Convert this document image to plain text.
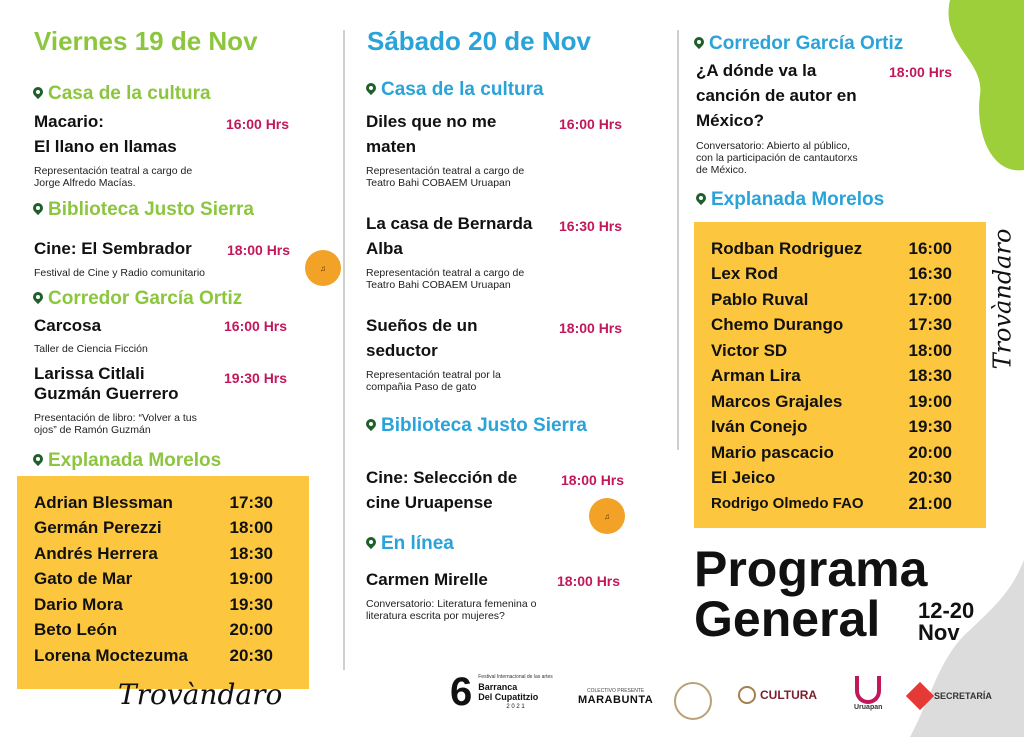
Viernes 19 de Nov
Casa de la cultura
Macario:
El llano en llamas
16:00 Hrs
Representación teatral a cargo de
Jorge Alfredo Macías.
Biblioteca Justo Sierra
Cine: El Sembrador	18:00 Hrs
Festival de Cine y Radio comunitario	♫
Corredor García Ortiz
Carcosa	16:00 Hrs
Taller de Ciencia Ficción
Larissa Citlali
Guzmán Guerrero
19:30 Hrs
Presentación de libro: “Volver a tus
ojos” de Ramón Guzmán
Explanada Morelos
Adrian Blessman	17:30
Germán Perezzi	18:00
Andrés Herrera	18:30
Gato de Mar	19:00
Dario Mora	19:30
Beto León	20:00
Lorena Moctezuma 20:30
Trovàndaro
Sábado 20 de Nov
Casa de la cultura
Diles que no me
maten
16:00 Hrs
Representación teatral a cargo de
Teatro Bahi COBAEM Uruapan
La casa de Bernarda
Alba
16:30 Hrs
Representación teatral a cargo de
Teatro Bahi COBAEM Uruapan
Sueños de un
seductor
18:00 Hrs
Representación teatral por la
compañia Paso de gato
Biblioteca Justo Sierra
Cine: Selección de
cine Uruapense
18:00 Hrs
♫
En línea
Carmen Mirelle	18:00 Hrs
Conversatorio: Literatura femenina o
literatura escrita por mujeres?
Corredor García Ortiz
¿A dónde va la
canción de autor en
México?
18:00 Hrs
Conversatorio: Abierto al público,
con la participación de cantautorxs
de México.
Explanada Morelos
Rodban Rodriguez	16:00
Lex Rod	16:30
Pablo Ruval	17:00
Chemo Durango	17:30
Victor SD	18:00
Arman Lira	18:30
Marcos Grajales	19:00
Iván Conejo	19:30
Mario pascacio	20:00
El Jeico	20:30
Rodrigo Olmedo FAO	21:00
Trovàndaro
Programa
General	12-20
Nov
6 Festival Internacional de las artes
Barranca
Del Cupatitzio
2 0 2 1
COLECTIVO PRESENTE
MARABUNTA	CULTURA
Uruapan
SECRETARÍA
